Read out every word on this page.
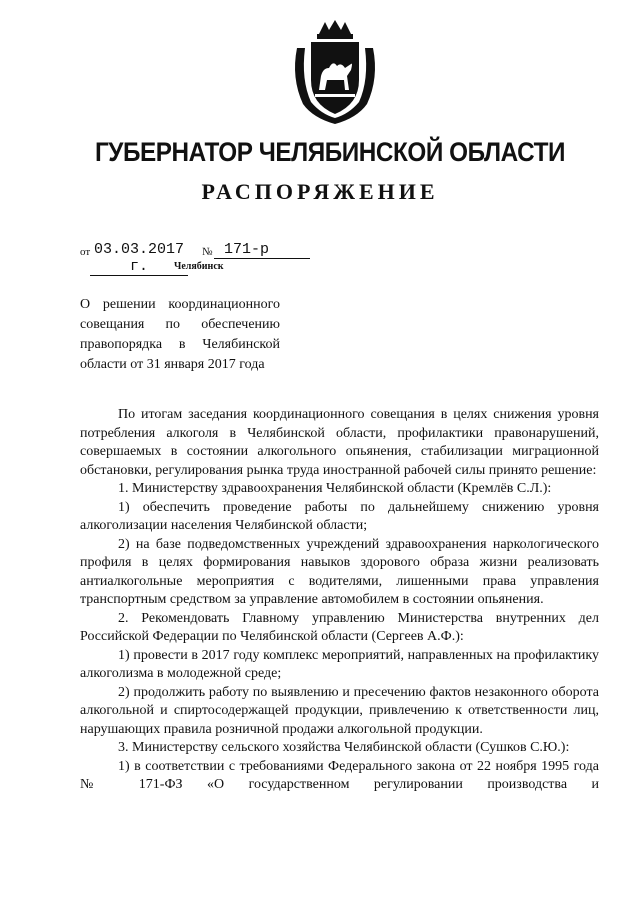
ГУБЕРНАТОР ЧЕЛЯБИНСКОЙ ОБЛАСТИ
РАСПОРЯЖЕНИЕ
от 03.03.2017 г.
№ 171-р
Челябинск
О решении координационного совещания по обеспечению правопорядка в Челябинской области от 31 января 2017 года

По итогам заседания координационного совещания в целях снижения уровня потребления алкоголя в Челябинской области, профилактики правонарушений, совершаемых в состоянии алкогольного опьянения, стабилизации миграционной обстановки, регулирования рынка труда иностранной рабочей силы принято решение:

1. Министерству здравоохранения Челябинской области (Кремлёв С.Л.):

1) обеспечить проведение работы по дальнейшему снижению уровня алкоголизации населения Челябинской области;

2) на базе подведомственных учреждений здравоохранения наркологического профиля в целях формирования навыков здорового образа жизни реализовать антиалкогольные мероприятия с водителями, лишенными права управления транспортным средством за управление автомобилем в состоянии опьянения.

2. Рекомендовать Главному управлению Министерства внутренних дел Российской Федерации по Челябинской области (Сергеев А.Ф.):

1) провести в 2017 году комплекс мероприятий, направленных на профилактику алкоголизма в молодежной среде;

2) продолжить работу по выявлению и пресечению фактов незаконного оборота алкогольной и спиртосодержащей продукции, привлечению к ответственности лиц, нарушающих правила розничной продажи алкогольной продукции.

3. Министерству сельского хозяйства Челябинской области (Сушков С.Ю.):

1) в соответствии с требованиями Федерального закона от 22 ноября 1995 года № 171-ФЗ «О государственном регулировании производства и
